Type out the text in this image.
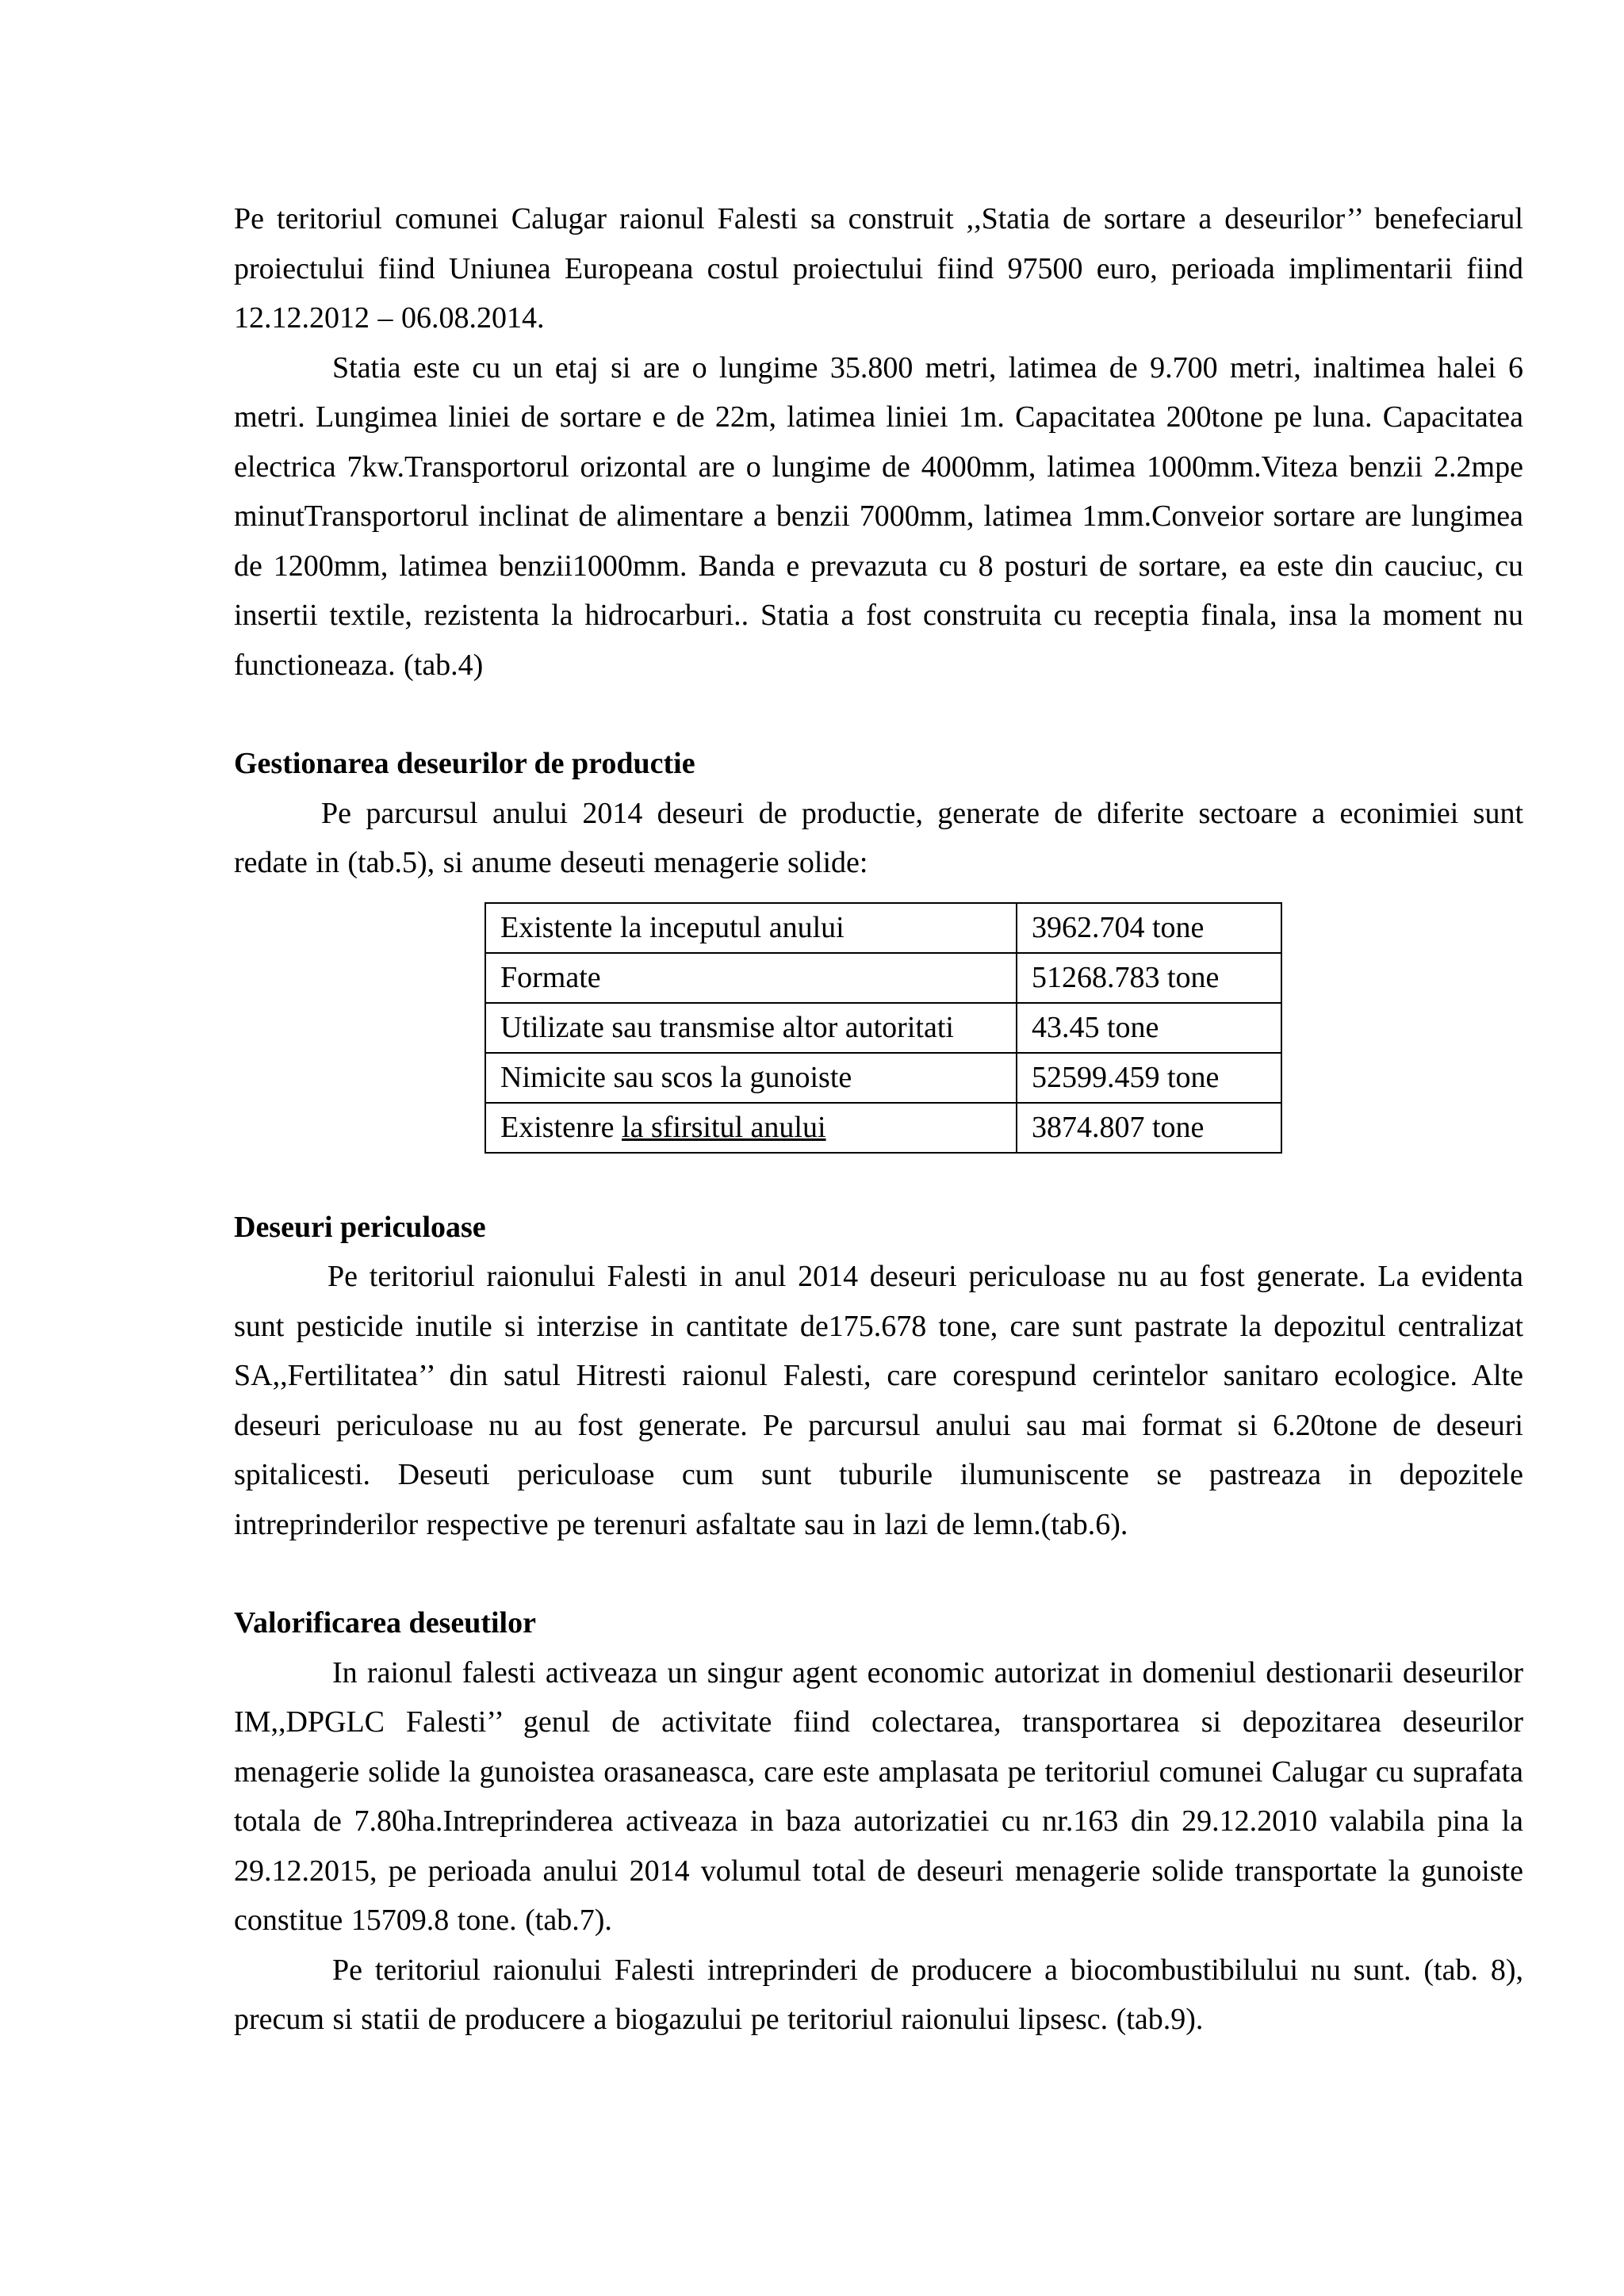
Pe teritoriul comunei Calugar raionul Falesti sa construit ,,Statia de sortare a deseurilor’’ benefeciarul proiectului fiind Uniunea Europeana costul proiectului fiind 97500 euro, perioada implimentarii fiind 12.12.2012 – 06.08.2014.

Statia este cu un etaj si are o lungime 35.800 metri, latimea de 9.700 metri, inaltimea halei 6 metri. Lungimea liniei de sortare e de 22m, latimea liniei 1m. Capacitatea 200tone pe luna. Capacitatea electrica 7kw.Transportorul orizontal are o lungime de 4000mm, latimea 1000mm.Viteza benzii 2.2mpe minutTransportorul inclinat de alimentare a benzii 7000mm, latimea 1mm.Conveior sortare are lungimea de 1200mm, latimea benzii1000mm. Banda e prevazuta cu 8 posturi de sortare, ea este din cauciuc, cu insertii textile, rezistenta la hidrocarburi.. Statia a fost construita cu receptia finala, insa la moment nu functioneaza. (tab.4)

Gestionarea deseurilor de productie

Pe parcursul anului 2014 deseuri de productie, generate de diferite sectoare a econimiei sunt redate in (tab.5), si anume deseuti menagerie solide:

Existente la inceputul anului	3962.704 tone
Formate	51268.783 tone
Utilizate sau transmise altor autoritati	43.45 tone
Nimicite sau scos la gunoiste	52599.459 tone
Existenre la sfirsitul anului	3874.807 tone
Deseuri periculoase

Pe teritoriul raionului Falesti in anul 2014 deseuri periculoase nu au fost generate. La evidenta sunt pesticide inutile si interzise in cantitate de175.678 tone, care sunt pastrate la depozitul centralizat SA,,Fertilitatea’’ din satul Hitresti raionul Falesti, care corespund cerintelor sanitaro ecologice. Alte deseuri periculoase nu au fost generate. Pe parcursul anului sau mai format si 6.20tone de deseuri spitalicesti. Deseuti periculoase cum sunt tuburile ilumuniscente se pastreaza in depozitele intreprinderilor respective pe terenuri asfaltate sau in lazi de lemn.(tab.6).

Valorificarea deseutilor

In raionul falesti activeaza un singur agent economic autorizat in domeniul destionarii deseurilor IM,,DPGLC Falesti’’ genul de activitate fiind colectarea, transportarea si depozitarea deseurilor menagerie solide la gunoistea orasaneasca, care este amplasata pe teritoriul comunei Calugar cu suprafata totala de 7.80ha.Intreprinderea activeaza in baza autorizatiei cu nr.163 din 29.12.2010 valabila pina la 29.12.2015, pe perioada anului 2014 volumul total de deseuri menagerie solide transportate la gunoiste constitue 15709.8 tone. (tab.7).

Pe teritoriul raionului Falesti intreprinderi de producere a biocombustibilului nu sunt. (tab. 8), precum si statii de producere a biogazului pe teritoriul raionului lipsesc. (tab.9).
